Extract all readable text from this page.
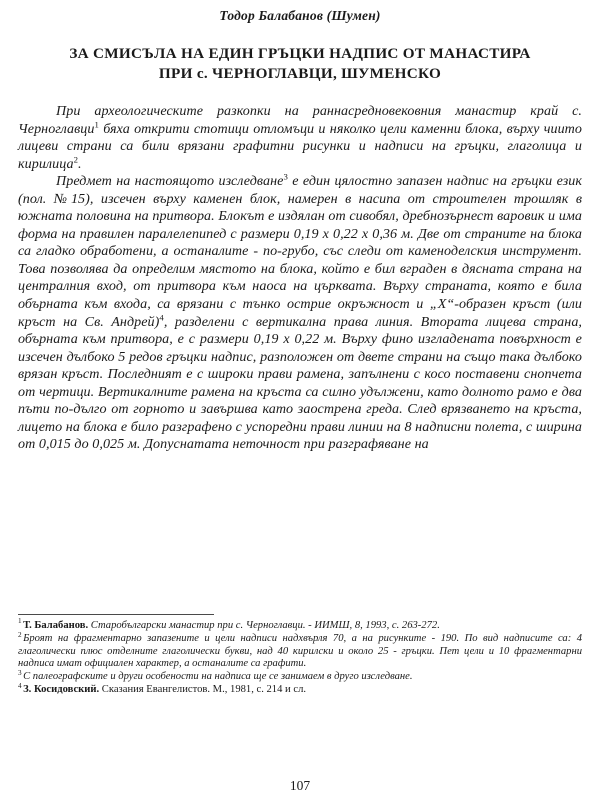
Тодор Балабанов (Шумен)
ЗА СМИСЪЛА НА ЕДИН ГРЪЦКИ НАДПИС ОТ МАНАСТИРА
ПРИ с. ЧЕРНОГЛАВЦИ, ШУМЕНСКО

При археологическите разкопки на раннасредновековния манастир край с. Черноглавци$^1$ бяха открити стотици отломъци и няколко цели каменни блока, върху чиито лицеви страни са били врязани графитни рисунки и надписи на гръцки, глаголица и кирилица$^2$.

Предмет на настоящото изследване$^3$ е един цялостно запазен надпис на гръцки език (пол. №15), изсечен върху каменен блок, намерен в насипа от строителен трошляк в южната половина на притвора. Блокът е издялан от сивобял, дребнозърнест варовик и има форма на правилен паралелепипед с размери 0,19 х 0,22 х 0,36 м. Две от страните на блока са гладко обработени, а останалите - по-грубо, със следи от каменоделския инструмент. Това позволява да определим мястото на блока, който е бил вграден в дясната страна на централния вход, от притвора към наоса на църквата. Върху страната, която е била обърната към входа, са врязани с тънко острие окръжност и „Х“-образен кръст (или кръст на Св. Андрей)$^4$, разделени с вертикална права линия. Втората лицева страна, обърната към притвора, е с размери 0,19 х 0,22 м. Върху фино изгладената повърхност е изсечен дълбоко 5 редов гръцки надпис, разположен от двете страни на също така дълбоко врязан кръст. Последният е с широки прави рамена, запълнени с косо поставени снопчета от чертици. Вертикалните рамена на кръста са силно удължени, като долното рамо е два пъти по-дълго от горното и завършва като заострена греда. След врязването на кръста, лицето на блока е било разграфено с успоредни прави линии на 8 надписни полета, с ширина от 0,015 до 0,025 м. Допуснатата неточност при разграфяване на

$^1$ Т. Балабанов. Старобългарски манастир при с. Черноглавци. - ИИМШ, 8, 1993, с. 263-272.

$^2$ Броят на фрагментарно запазените и цели надписи надхвърля 70, а на рисунките - 190. По вид надписите са: 4 глаголически плюс отделните глаголически букви, над 40 кирилски и около 25 - гръцки. Пет цели и 10 фрагментарни надписа имат официален характер, а останалите са графити.

$^3$ С палеографските и други особености на надписа ще се занимаем в друго изследване.

$^4$ З. Косидовский. Сказания Евангелистов. М., 1981, с. 214 и сл.

107
